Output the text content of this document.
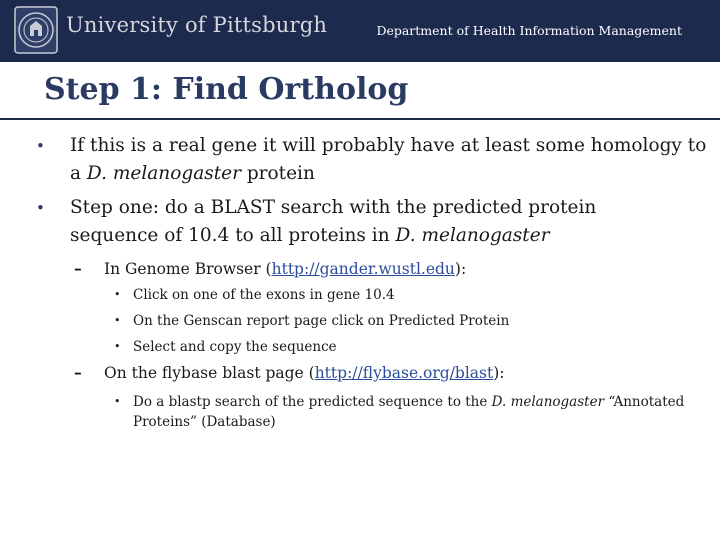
University of Pittsburgh	Department of Health Information Management
Step 1: Find Ortholog
• If this is a real gene it will probably have at least some homology to a D. melanogaster protein
• Step one: do a BLAST search with the predicted protein sequence of 10.4 to all proteins in D. melanogaster
– In Genome Browser (http://gander.wustl.edu):
• Click on one of the exons in gene 10.4
• On the Genscan report page click on Predicted Protein
• Select and copy the sequence
– On the flybase blast page (http://flybase.org/blast):
• Do a blastp search of the predicted sequence to the D. melanogaster “Annotated Proteins” (Database)
